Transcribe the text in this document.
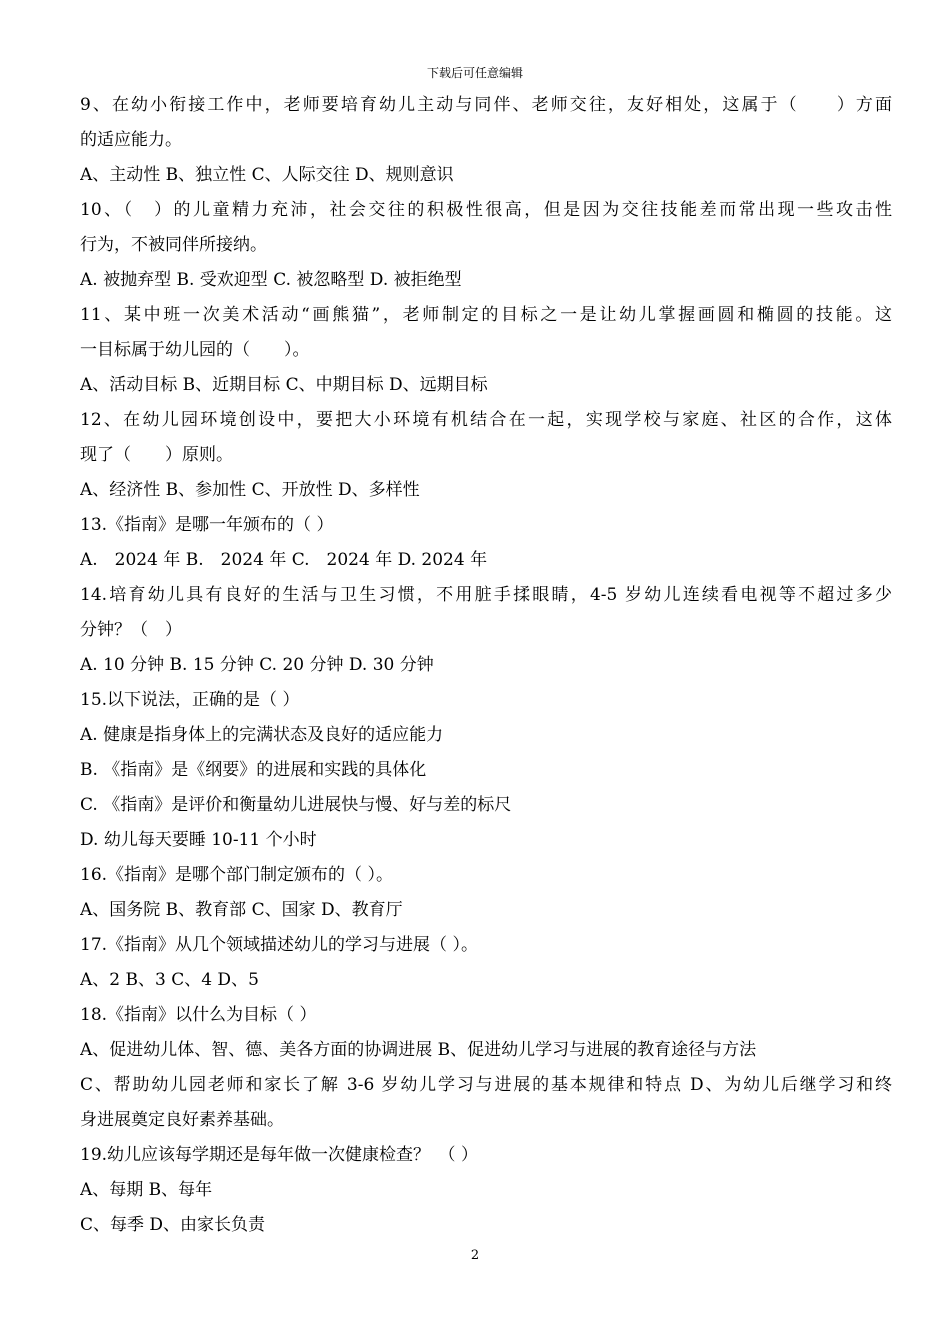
下载后可任意编辑
9、在幼小衔接工作中，老师要培育幼儿主动与同伴、老师交往，友好相处，这属于（　　）方面
的适应能力。
A、主动性 B、独立性 C、人际交往 D、规则意识
10、（　）的儿童精力充沛，社会交往的积极性很高，但是因为交往技能差而常出现一些攻击性
行为，不被同伴所接纳。
A. 被抛弃型 B. 受欢迎型 C. 被忽略型 D. 被拒绝型
11、某中班一次美术活动“画熊猫”，老师制定的目标之一是让幼儿掌握画圆和椭圆的技能。这
一目标属于幼儿园的（　　）。
A、活动目标 B、近期目标 C、中期目标 D、远期目标
12、在幼儿园环境创设中，要把大小环境有机结合在一起，实现学校与家庭、社区的合作，这体
现了（　　）原则。
A、经济性 B、参加性 C、开放性 D、多样性
13.《指南》是哪一年颁布的（ ）
A.　2024 年 B.　2024 年 C.　2024 年 D. 2024 年
14.培育幼儿具有良好的生活与卫生习惯，不用脏手揉眼睛，4-5 岁幼儿连续看电视等不超过多少
分钟？（　）
A. 10 分钟 B. 15 分钟 C. 20 分钟 D. 30 分钟
15.以下说法，正确的是（ ）
A. 健康是指身体上的完满状态及良好的适应能力
B. 《指南》是《纲要》的进展和实践的具体化
C. 《指南》是评价和衡量幼儿进展快与慢、好与差的标尺
D. 幼儿每天要睡 10-11 个小时
16.《指南》是哪个部门制定颁布的（ ）。
A、国务院 B、教育部 C、国家 D、教育厅
17.《指南》从几个领域描述幼儿的学习与进展（ ）。
A、2 B、3 C、4 D、5
18.《指南》以什么为目标（ ）
A、促进幼儿体、智、德、美各方面的协调进展 B、促进幼儿学习与进展的教育途径与方法
C、帮助幼儿园老师和家长了解 3-6 岁幼儿学习与进展的基本规律和特点 D、为幼儿后继学习和终
身进展奠定良好素养基础。
19.幼儿应该每学期还是每年做一次健康检查？　（ ）
A、每期 B、每年
C、每季 D、由家长负责
2
